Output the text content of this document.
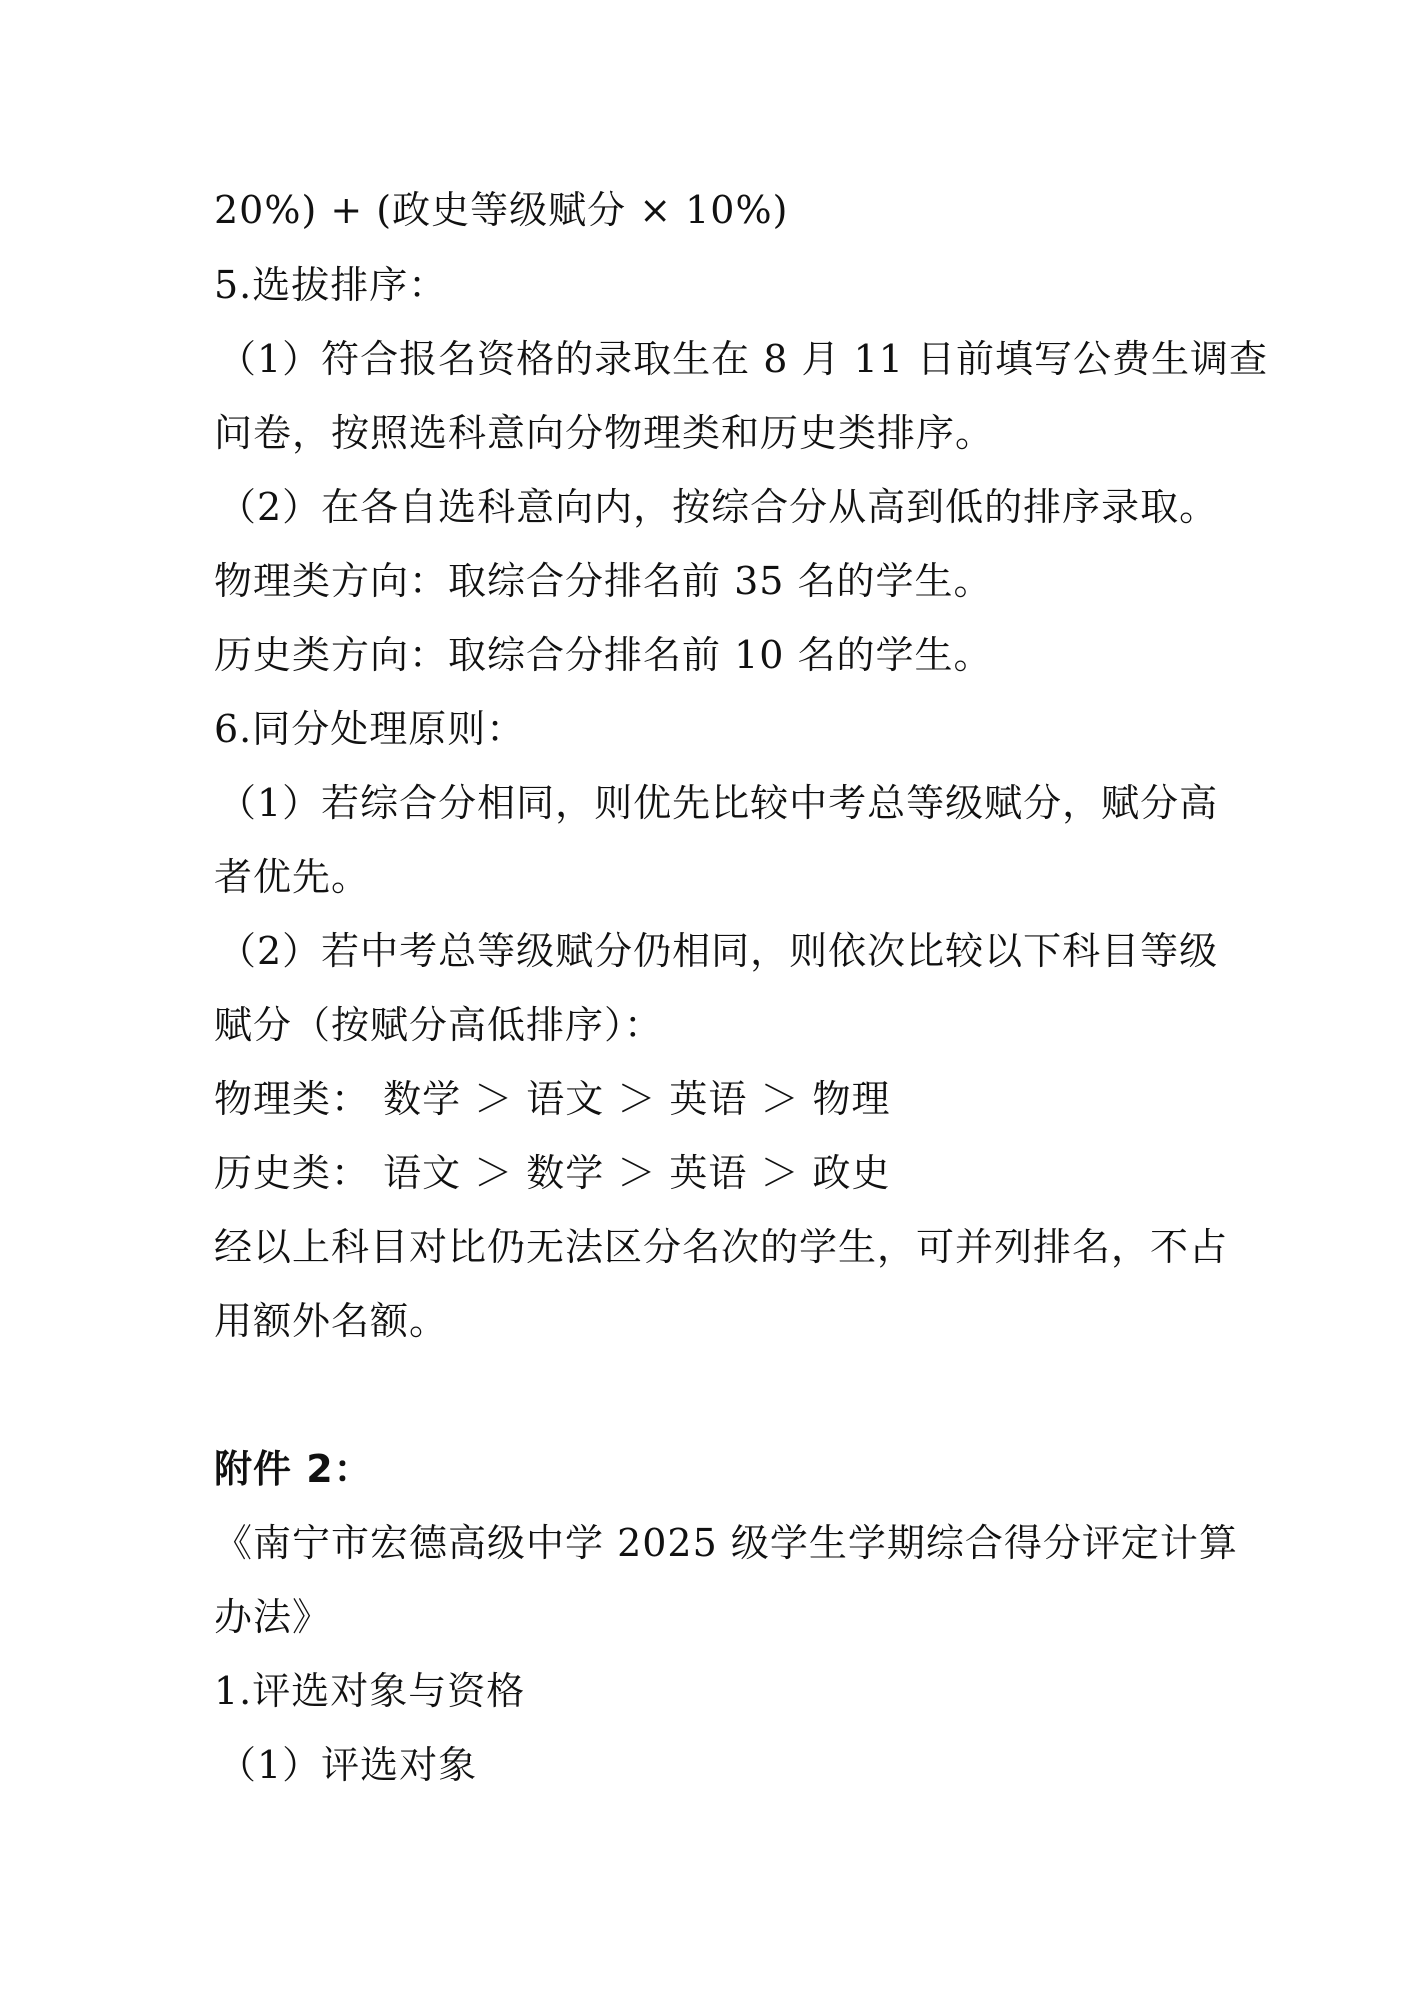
20%) + (政史等级赋分 × 10%)

5.选拔排序：

（1）符合报名资格的录取生在 8 月 11 日前填写公费生调查

问卷，按照选科意向分物理类和历史类排序。

（2）在各自选科意向内，按综合分从高到低的排序录取。

物理类方向：取综合分排名前 35 名的学生。

历史类方向：取综合分排名前 10 名的学生。

6.同分处理原则：

（1）若综合分相同，则优先比较中考总等级赋分，赋分高

者优先。

（2）若中考总等级赋分仍相同，则依次比较以下科目等级

赋分（按赋分高低排序）：

物理类： 数学 ＞ 语文 ＞ 英语 ＞ 物理

历史类： 语文 ＞ 数学 ＞ 英语 ＞ 政史

经以上科目对比仍无法区分名次的学生，可并列排名，不占

用额外名额。

附件 2：

《南宁市宏德高级中学 2025 级学生学期综合得分评定计算

办法》

1.评选对象与资格

（1）评选对象
